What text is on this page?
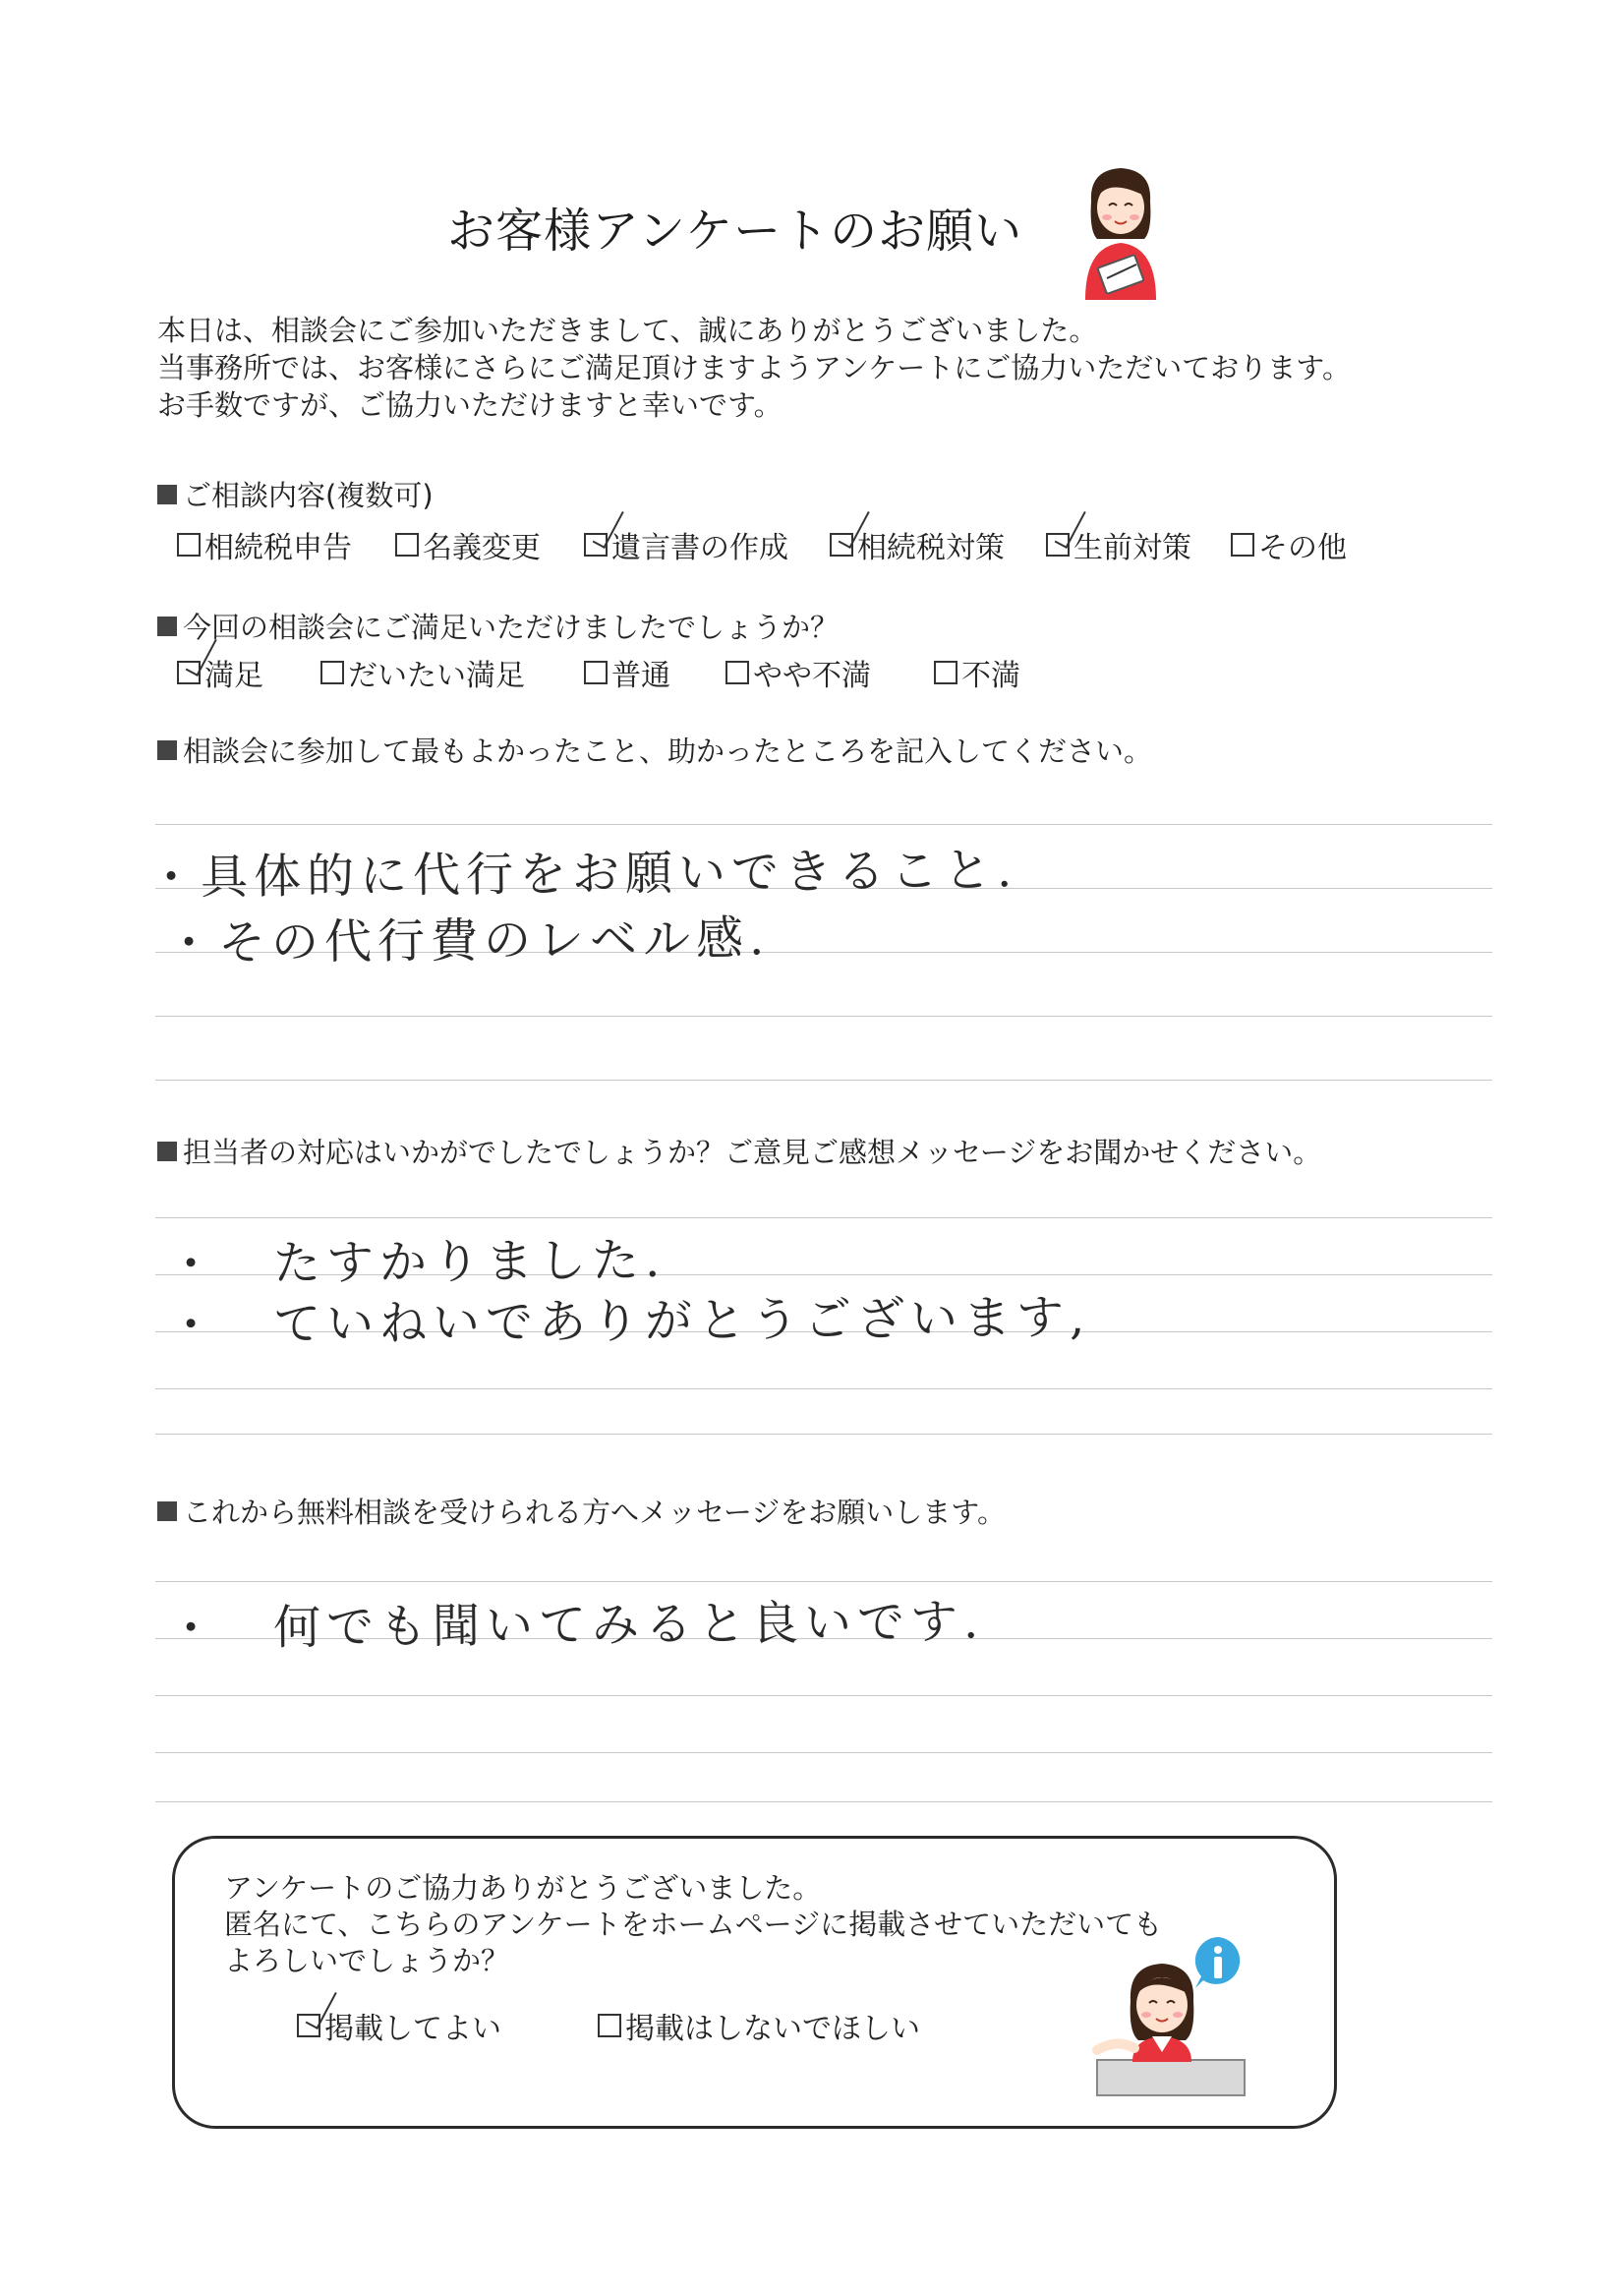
お客様アンケートのお願い
本日は、相談会にご参加いただきまして、誠にありがとうございました。
当事務所では、お客様にさらにご満足頂けますようアンケートにご協力いただいております。
お手数ですが、ご協力いただけますと幸いです。
ご相談内容(複数可)
相続税申告 名義変更 遺言書の作成 相続税対策 生前対策 その他
今回の相談会にご満足いただけましたでしょうか？
満足	だいたい満足	普通	やや不満	不満
相談会に参加して最もよかったこと、助かったところを記入してください。
・具体的に代行をお願いできること.
・その代行費のレベル感.
担当者の対応はいかがでしたでしょうか？ご意見ご感想メッセージをお聞かせください。
・　たすかりました.
・　ていねいでありがとうございます,
これから無料相談を受けられる方へメッセージをお願いします。
・　何でも聞いてみると良いです.
アンケートのご協力ありがとうございました。
匿名にて、こちらのアンケートをホームページに掲載させていただいても
よろしいでしょうか？
掲載してよい	掲載はしないでほしい
